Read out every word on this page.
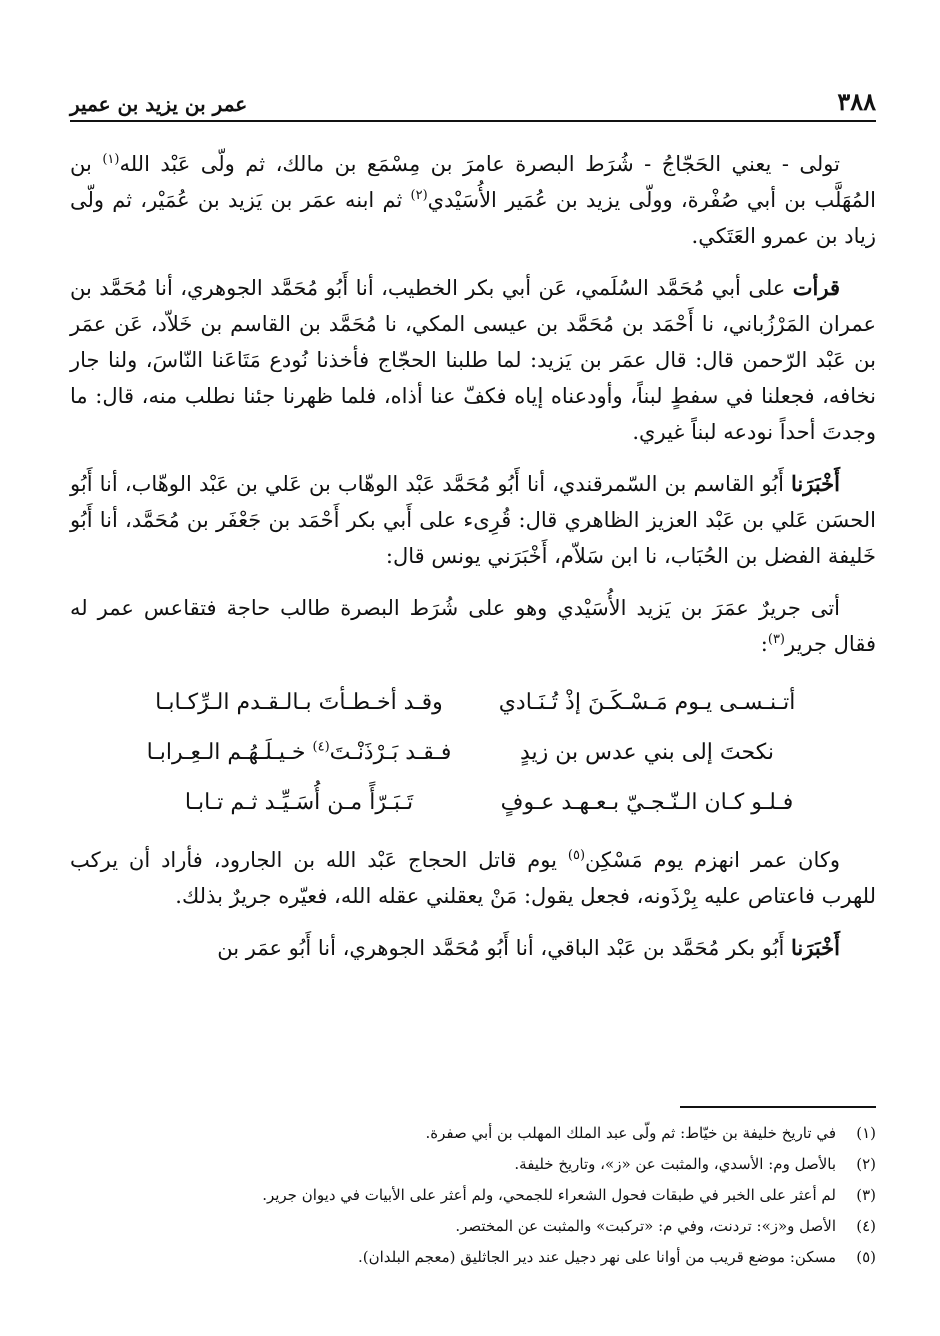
٣٨٨
عمر بن يزيد بن عمير

تولى - يعني الحَجّاجُ - شُرَط البصرة عامرَ بن مِسْمَع بن مالك، ثم ولّى عَبْد الله$^{(١)}$ بن المُهَلَّب بن أبي صُفْرة، وولّى يزيد بن عُمَير الأُسَيْدي$^{(٢)}$ ثم ابنه عمَر بن يَزيد بن عُمَيْر، ثم ولّى زياد بن عمرو العَتَكي.

قرأت على أبي مُحَمَّد السُلَمي، عَن أبي بكر الخطيب، أنا أَبُو مُحَمَّد الجوهري، أنا مُحَمَّد بن عمران المَرْزُباني، نا أَحْمَد بن مُحَمَّد بن عيسى المكي، نا مُحَمَّد بن القاسم بن خَلاّد، عَن عمَر بن عَبْد الرّحمن قال: قال عمَر بن يَزيد: لما طلبنا الحجّاج فأخذنا نُودع مَتَاعَنا النّاسَ، ولنا جار نخافه، فجعلنا في سفطٍ لبناً، وأودعناه إياه فكفّ عنا أذاه، فلما ظهرنا جئنا نطلب منه، قال: ما وجدتَ أحداً نودعه لبناً غيري.

أَخْبَرَنا أَبُو القاسم بن السّمرقندي، أنا أَبُو مُحَمَّد عَبْد الوهّاب بن عَلي بن عَبْد الوهّاب، أنا أَبُو الحسَن عَلي بن عَبْد العزيز الظاهري قال: قُرِىء على أَبي بكر أَحْمَد بن جَعْفَر بن مُحَمَّد، أنا أَبُو خَليفة الفضل بن الحُبَاب، نا ابن سَلاّم، أَخْبَرَني يونس قال:

أتى جريرٌ عمَرَ بن يَزيد الأُسَيْدي وهو على شُرَط البصرة طالب حاجة فتقاعس عمر له فقال جرير$^{(٣)}$:

أتـنـسـى يـوم مَـسْـكَـنَ إذْ تُـنَـادي
وقـد أخـطـأتَ بـالـقـدم الـرِّكـابـا
نكحتَ إلى بني عدس بن زيدٍ
فـقـد بَـرْذَنْـتَ$^{(٤)}$ خـيـلَـهُـم الـعِـرابـا
فـلـو كـان الـنّـجـيّ بـعـهـد عـوفٍ
تَـبَـرّأً مـن أُسَـيِّـد ثـم تـابـا

وكان عمر انهزم يوم مَسْكِن$^{(٥)}$ يوم قاتل الحجاج عَبْد الله بن الجارود، فأراد أن يركب للهرب فاعتاص عليه بِرْذَونه، فجعل يقول: مَنْ يعقلني عقله الله، فعيّره جريرٌ بذلك.

أَخْبَرَنا أَبُو بكر مُحَمَّد بن عَبْد الباقي، أنا أَبُو مُحَمَّد الجوهري، أنا أَبُو عمَر بن

(١)
في تاريخ خليفة بن خيّاط: ثم ولّى عبد الملك المهلب بن أبي صفرة.
(٢)
بالأصل وم: الأسدي، والمثبت عن «ز»، وتاريخ خليفة.
(٣)
لم أعثر على الخبر في طبقات فحول الشعراء للجمحي، ولم أعثر على الأبيات في ديوان جرير.
(٤)
الأصل و«ز»: تردنت، وفي م: «تركبت» والمثبت عن المختصر.
(٥)
مسكن: موضع قريب من أوانا على نهر دجيل عند دير الجاثليق (معجم البلدان).
